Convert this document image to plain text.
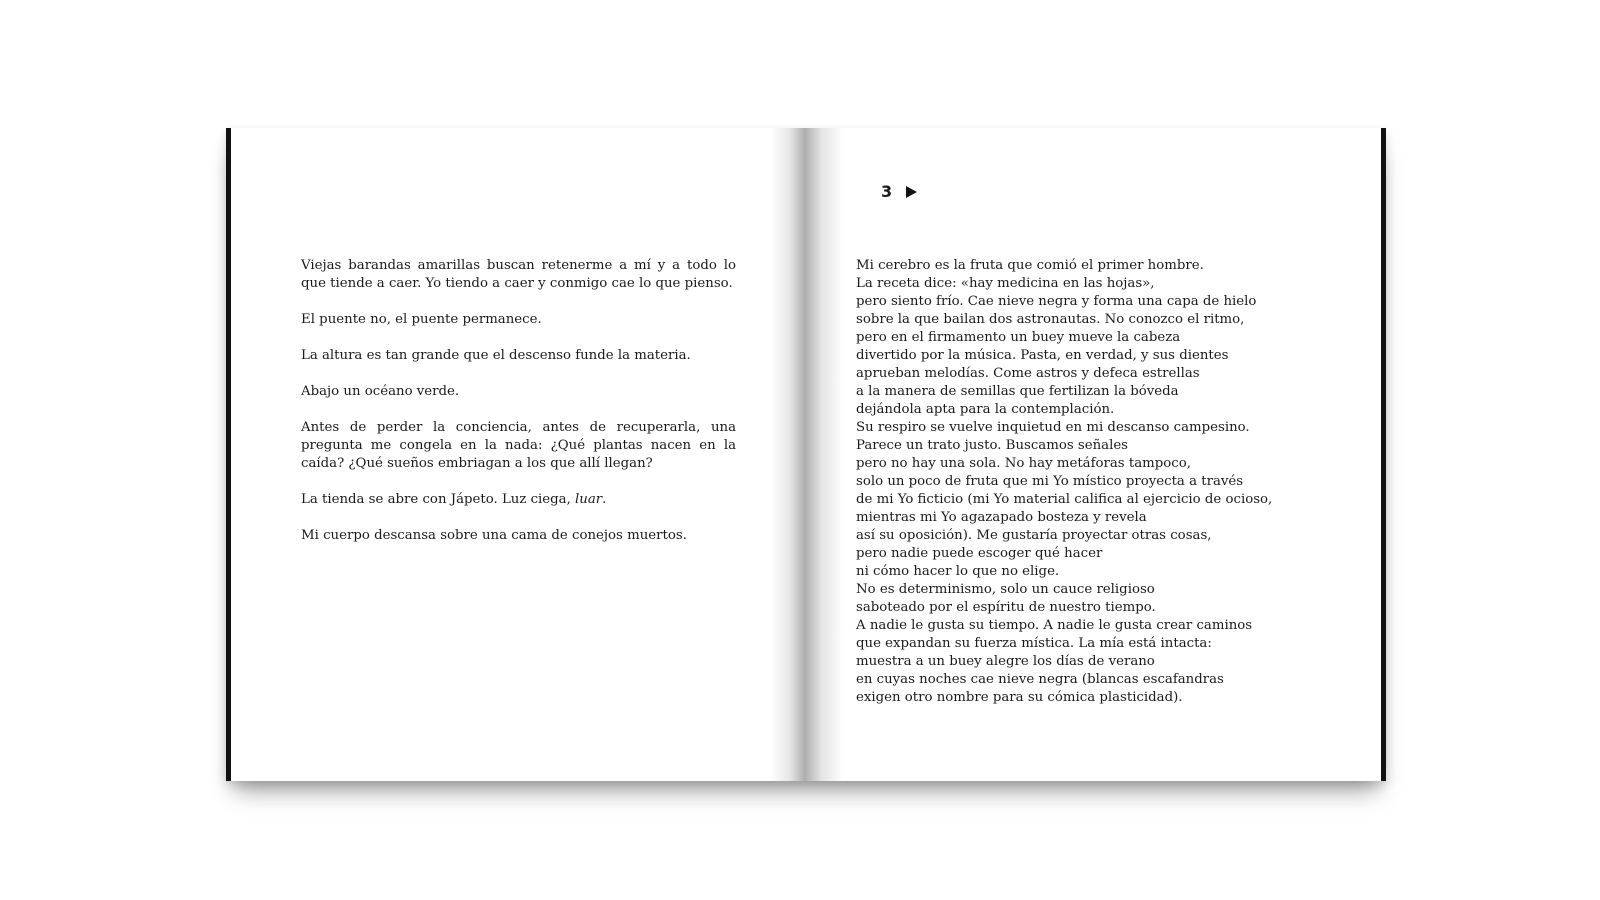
Viejas barandas amarillas buscan retenerme a mí y a todo lo que tiende a caer. Yo tiendo a caer y conmigo cae lo que pienso.

El puente no, el puente permanece.

La altura es tan grande que el descenso funde la materia.

Abajo un océano verde.

Antes de perder la conciencia, antes de recuperarla, una pregunta me congela en la nada: ¿Qué plantas nacen en la caída? ¿Qué sueños embriagan a los que allí llegan?

La tienda se abre con Jápeto. Luz ciega, luar.

Mi cuerpo descansa sobre una cama de conejos muertos.

3
Mi cerebro es la fruta que comió el primer hombre.
La receta dice: «hay medicina en las hojas»,
pero siento frío. Cae nieve negra y forma una capa de hielo
sobre la que bailan dos astronautas. No conozco el ritmo,
pero en el firmamento un buey mueve la cabeza
divertido por la música. Pasta, en verdad, y sus dientes
aprueban melodías. Come astros y defeca estrellas
a la manera de semillas que fertilizan la bóveda
dejándola apta para la contemplación.
Su respiro se vuelve inquietud en mi descanso campesino.
Parece un trato justo. Buscamos señales
pero no hay una sola. No hay metáforas tampoco,
solo un poco de fruta que mi Yo místico proyecta a través
de mi Yo ficticio (mi Yo material califica al ejercicio de ocioso,
mientras mi Yo agazapado bosteza y revela
así su oposición). Me gustaría proyectar otras cosas,
pero nadie puede escoger qué hacer
ni cómo hacer lo que no elige.
No es determinismo, solo un cauce religioso
saboteado por el espíritu de nuestro tiempo.
A nadie le gusta su tiempo. A nadie le gusta crear caminos
que expandan su fuerza mística. La mía está intacta:
muestra a un buey alegre los días de verano
en cuyas noches cae nieve negra (blancas escafandras
exigen otro nombre para su cómica plasticidad).
